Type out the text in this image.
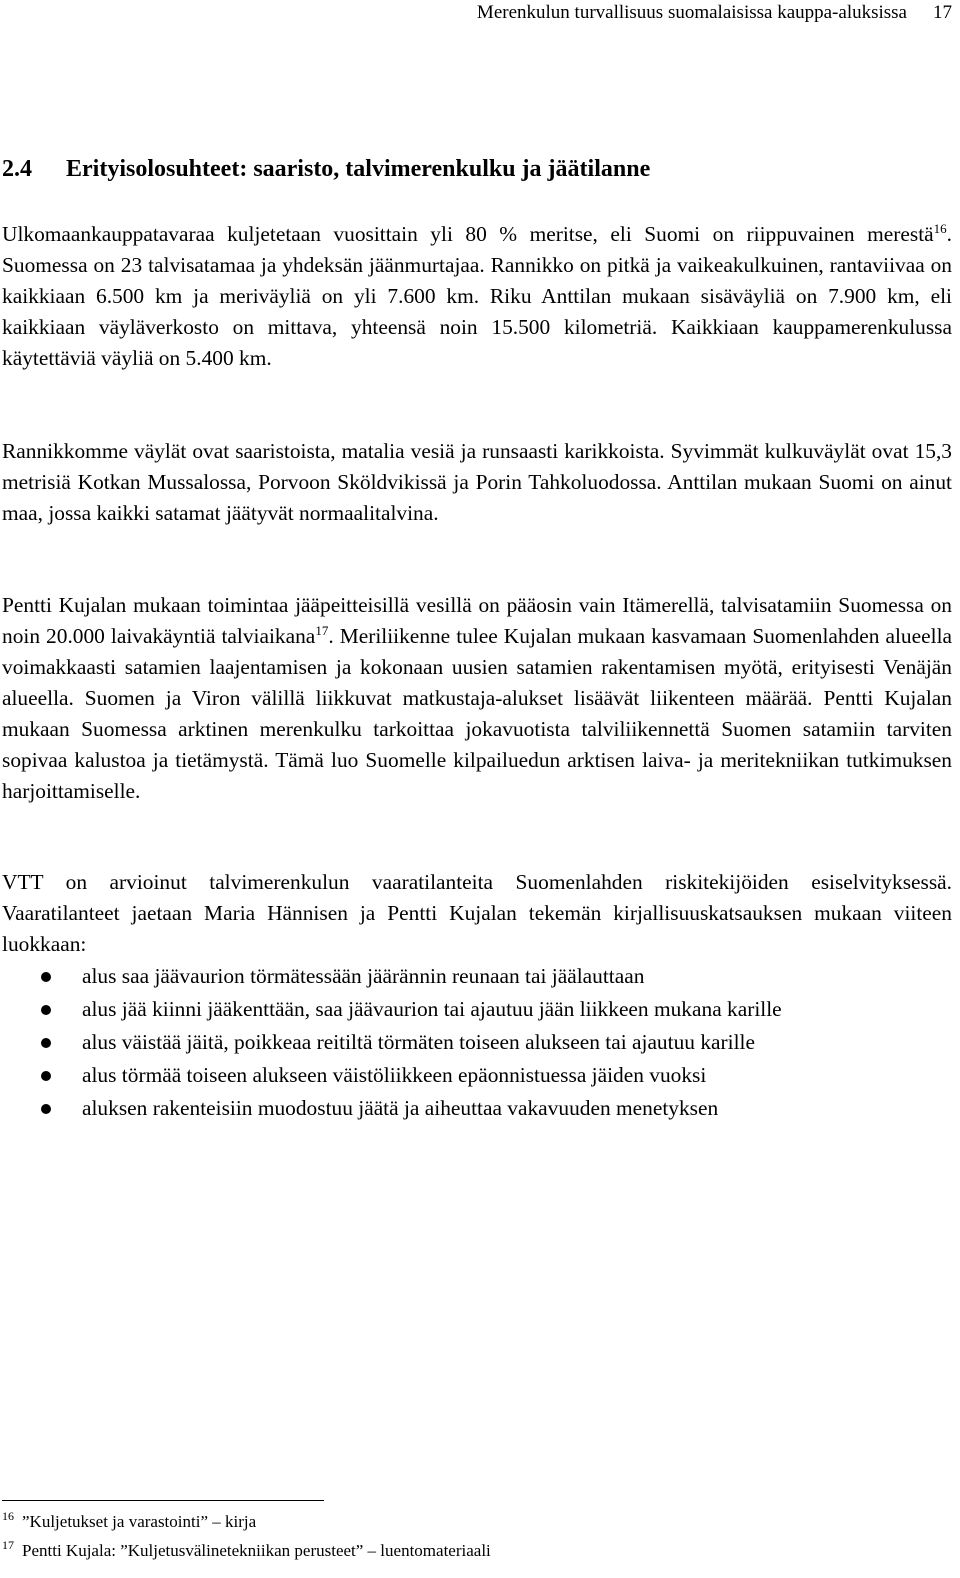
Merenkulun turvallisuus suomalaisissa kauppa-aluksissa 17
2.4 Erityisolosuhteet: saaristo, talvimerenkulku ja jäätilanne

Ulkomaankauppatavaraa kuljetetaan vuosittain yli 80 % meritse, eli Suomi on riippuvainen merestä$^{16}$. Suomessa on 23 talvisatamaa ja yhdeksän jäänmurtajaa. Rannikko on pitkä ja vaikeakulkuinen, rantaviivaa on kaikkiaan 6.500 km ja meriväyliä on yli 7.600 km. Riku Anttilan mukaan sisäväyliä on 7.900 km, eli kaikkiaan väyläverkosto on mittava, yhteensä noin 15.500 kilometriä. Kaikkiaan kauppamerenkulussa käytettäviä väyliä on 5.400 km.

Rannikkomme väylät ovat saaristoista, matalia vesiä ja runsaasti karikkoista. Syvimmät kulkuväylät ovat 15,3 metrisiä Kotkan Mussalossa, Porvoon Sköldvikissä ja Porin Tahkoluodossa. Anttilan mukaan Suomi on ainut maa, jossa kaikki satamat jäätyvät normaalitalvina.

Pentti Kujalan mukaan toimintaa jääpeitteisillä vesillä on pääosin vain Itämerellä, talvisatamiin Suomessa on noin 20.000 laivakäyntiä talviaikana$^{17}$. Meriliikenne tulee Kujalan mukaan kasvamaan Suomenlahden alueella voimakkaasti satamien laajentamisen ja kokonaan uusien satamien rakentamisen myötä, erityisesti Venäjän alueella. Suomen ja Viron välillä liikkuvat matkustaja-alukset lisäävät liikenteen määrää. Pentti Kujalan mukaan Suomessa arktinen merenkulku tarkoittaa jokavuotista talviliikennettä Suomen satamiin tarviten sopivaa kalustoa ja tietämystä. Tämä luo Suomelle kilpailuedun arktisen laiva- ja meritekniikan tutkimuksen harjoittamiselle.

VTT on arvioinut talvimerenkulun vaaratilanteita Suomenlahden riskitekijöiden esiselvityksessä. Vaaratilanteet jaetaan Maria Hännisen ja Pentti Kujalan tekemän kirjallisuuskatsauksen mukaan viiteen luokkaan:

alus saa jäävaurion törmätessään jäärännin reunaan tai jäälauttaan
alus jää kiinni jääkenttään, saa jäävaurion tai ajautuu jään liikkeen mukana karille
alus väistää jäitä, poikkeaa reitiltä törmäten toiseen alukseen tai ajautuu karille
alus törmää toiseen alukseen väistöliikkeen epäonnistuessa jäiden vuoksi
aluksen rakenteisiin muodostuu jäätä ja aiheuttaa vakavuuden menetyksen
$^{16}$ ”Kuljetukset ja varastointi” – kirja
$^{17}$ Pentti Kujala: ”Kuljetusvälinetekniikan perusteet” – luentomateriaali
